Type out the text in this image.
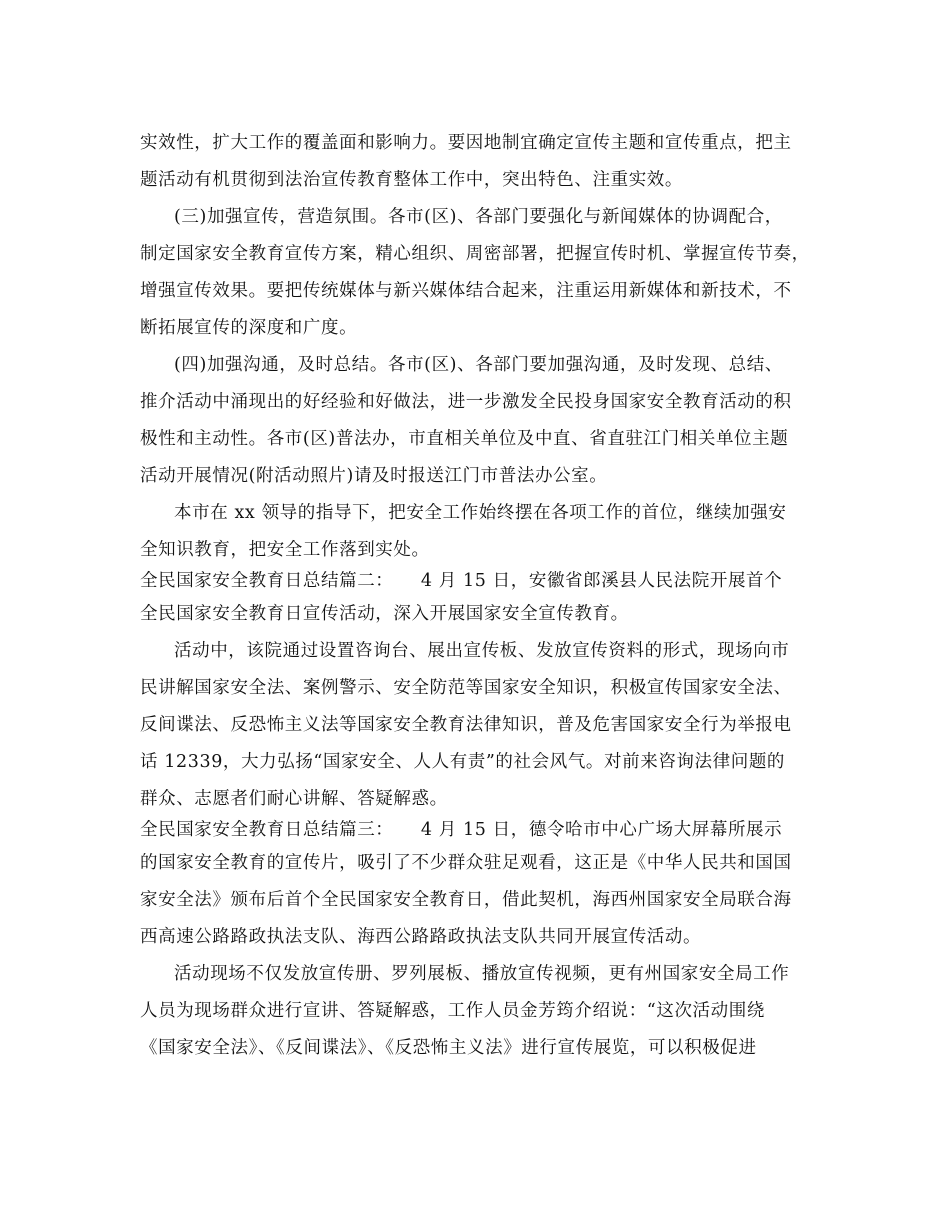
实效性，扩大工作的覆盖面和影响力。要因地制宜确定宣传主题和宣传重点，把主
题活动有机贯彻到法治宣传教育整体工作中，突出特色、注重实效。
(三)加强宣传，营造氛围。各市(区)、各部门要强化与新闻媒体的协调配合，
制定国家安全教育宣传方案，精心组织、周密部署，把握宣传时机、掌握宣传节奏，
增强宣传效果。要把传统媒体与新兴媒体结合起来，注重运用新媒体和新技术，不
断拓展宣传的深度和广度。
(四)加强沟通，及时总结。各市(区)、各部门要加强沟通，及时发现、总结、
推介活动中涌现出的好经验和好做法，进一步激发全民投身国家安全教育活动的积
极性和主动性。各市(区)普法办，市直相关单位及中直、省直驻江门相关单位主题
活动开展情况(附活动照片)请及时报送江门市普法办公室。
本市在 xx 领导的指导下，把安全工作始终摆在各项工作的首位，继续加强安
全知识教育，把安全工作落到实处。
全民国家安全教育日总结篇二：　　4 月 15 日，安徽省郎溪县人民法院开展首个
全民国家安全教育日宣传活动，深入开展国家安全宣传教育。
活动中，该院通过设置咨询台、展出宣传板、发放宣传资料的形式，现场向市
民讲解国家安全法、案例警示、安全防范等国家安全知识，积极宣传国家安全法、
反间谍法、反恐怖主义法等国家安全教育法律知识，普及危害国家安全行为举报电
话 12339，大力弘扬“国家安全、人人有责”的社会风气。对前来咨询法律问题的
群众、志愿者们耐心讲解、答疑解惑。
全民国家安全教育日总结篇三：　　4 月 15 日，德令哈市中心广场大屏幕所展示
的国家安全教育的宣传片，吸引了不少群众驻足观看，这正是《中华人民共和国国
家安全法》颁布后首个全民国家安全教育日，借此契机，海西州国家安全局联合海
西高速公路路政执法支队、海西公路路政执法支队共同开展宣传活动。
活动现场不仅发放宣传册、罗列展板、播放宣传视频，更有州国家安全局工作
人员为现场群众进行宣讲、答疑解惑，工作人员金芳筠介绍说：“这次活动围绕
《国家安全法》、《反间谍法》、《反恐怖主义法》进行宣传展览，可以积极促进
